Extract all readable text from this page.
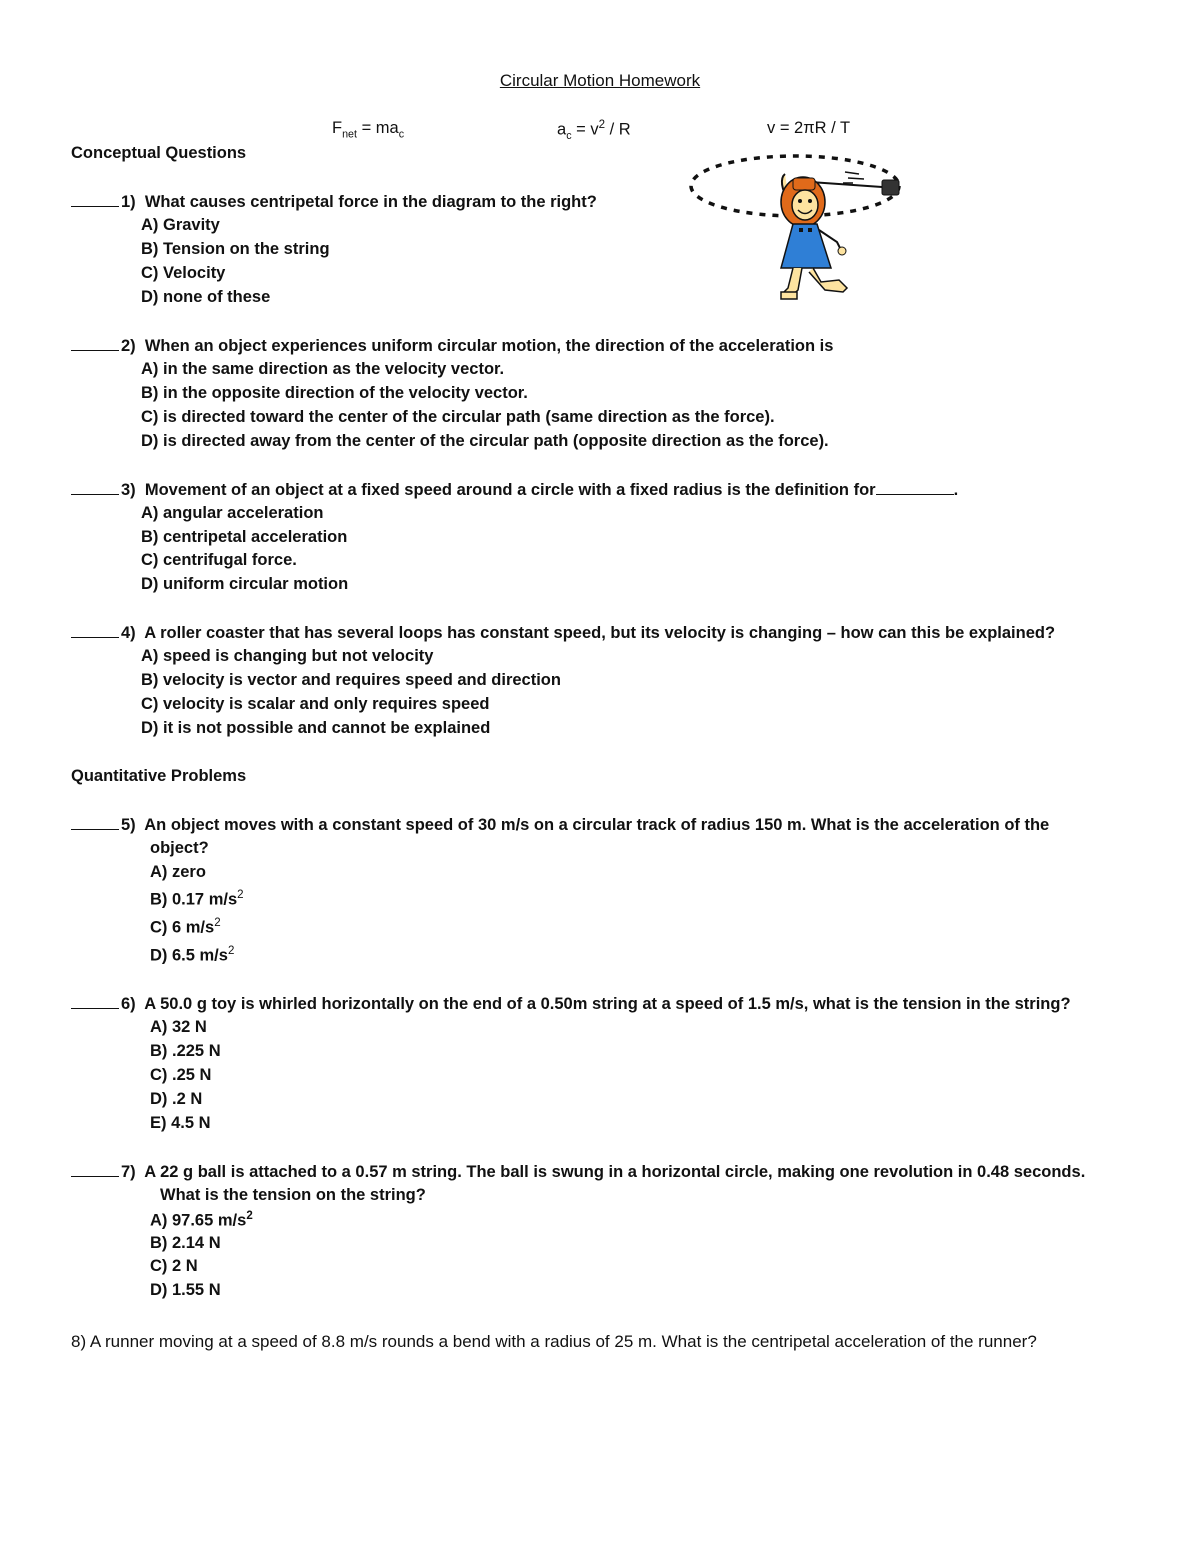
Circular Motion Homework
$F_{net} = ma_c$	$a_c = v^2 / R$	v = 2πR / T
Conceptual Questions
1) What causes centripetal force in the diagram to the right?
A) Gravity
B) Tension on the string
C) Velocity
D) none of these
2) When an object experiences uniform circular motion, the direction of the acceleration is
A) in the same direction as the velocity vector.
B) in the opposite direction of the velocity vector.
C) is directed toward the center of the circular path (same direction as the force).
D) is directed away from the center of the circular path (opposite direction as the force).
3) Movement of an object at a fixed speed around a circle with a fixed radius is the definition for	.
A) angular acceleration
B) centripetal acceleration
C) centrifugal force.
D) uniform circular motion
4) A roller coaster that has several loops has constant speed, but its velocity is changing – how can this be explained?
A) speed is changing but not velocity
B) velocity is vector and requires speed and direction
C) velocity is scalar and only requires speed
D) it is not possible and cannot be explained
Quantitative Problems
5) An object moves with a constant speed of 30 m/s on a circular track of radius 150 m. What is the acceleration of the
object?
A) zero
B) 0.17 $m/s^2$
C) 6 $m/s^2$
D) 6.5 $m/s^2$
6) A 50.0 g toy is whirled horizontally on the end of a 0.50m string at a speed of 1.5 m/s, what is the tension in the string?
A) 32 N
B) .225 N
C) .25 N
D) .2 N
E) 4.5 N
7) A 22 g ball is attached to a 0.57 m string. The ball is swung in a horizontal circle, making one revolution in 0.48 seconds.
What is the tension on the string?
A) 97.65 $m/s^2$
B) 2.14 N
C) 2 N
D) 1.55 N
8) A runner moving at a speed of 8.8 m/s rounds a bend with a radius of 25 m. What is the centripetal acceleration of the runner?
